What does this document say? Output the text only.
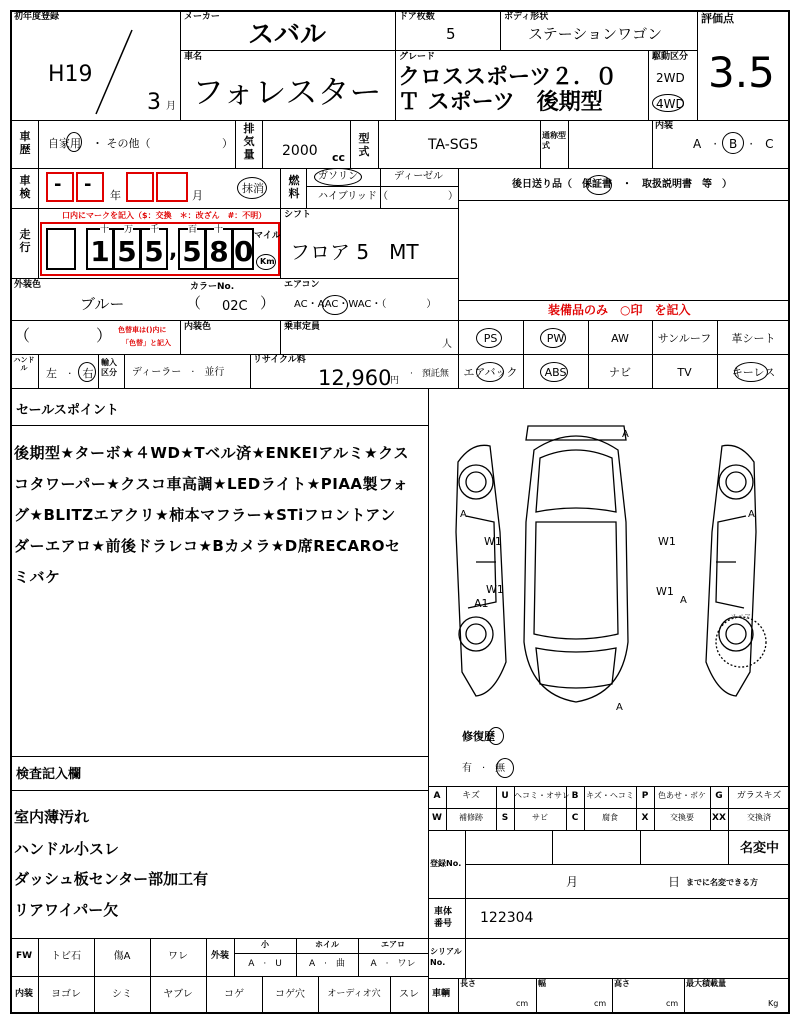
初年度登録
H19
3 月
メーカー
スバル
ドア枚数
5
ボディ形状
ステーションワゴン
評価点
3.5
車名
フォレスター
グレード
クロススポーツ２．０
Ｔ スポーツ　後期型
駆動区分
2WD
4WD
車歴 自家用　・ その他（	）
排気量 2000 cc
型式	TA-SG5
通称型式
内装
A　·　B　·　C
車検 - -
年	月
抹消
燃料
ガソリン	ディーゼル
ハイブリッド （　　　　　　）
後日送り品（　保証書　・　取扱説明書　等　）
走行
口内にマークを記入（$：交換　＊：改ざん　#：不明）
1 5 5 , 5 8 0
十 万 千	百 十
マイル
Km
シフト
フロア 5　MT
外装色
ブルー
カラーNo.
（ 02C ）
エアコン
AC・AAC・WAC・（　　　　）	装備品のみ　○印　を記入
（	） 色替車は()内に
「色替」と記入
内装色	乗車定員
人	PS	PW	AW	サンルーフ	革シート
エアバック	ABS	ナビ	TV	キーレス
ハンドル	左　·　右
輸入区分	ディーラー　·　並行
リサイクル料
12,960
円
·　預託無
セールスポイント
後期型★ターボ★４WD★Tベル済★ENKEIアルミ★クス
コタワーパー★クスコ車高調★LEDライト★PIAA製フォ
グ★BLITZエアクリ★柿本マフラー★STiフロントアン
ダーエアロ★前後ドラレコ★Bカメラ★D席RECAROセ
ミバケ
A
A	A
W1	W1
W1	W1
A1	A
A
スペア
修復歴
有　·　無
A	キズ	U ヘコミ・オサレ B キズ・ヘコミ P	色あせ・ボケ	G	ガラスキズ
W	補修跡	S	サビ	C	腐食	X	交換要	XX	交換済
登録No.
名変中
月	日 までに名変できる方
車体番号	122304
シリアルNo.
車輌
長さ
cm
幅
cm
高さ
cm
最大積載量
Kg
検査記入欄
室内薄汚れ
ハンドル小スレ
ダッシュ板センター部加工有
リアワイパー欠
FW	トビ石	傷A	ワレ	外装
小
A　·　U
ホイル
A　·　曲
エアロ
A　·　ワレ
内装	ヨゴレ	シミ	ヤブレ	コゲ	コゲ穴	オーディオ穴	スレ
